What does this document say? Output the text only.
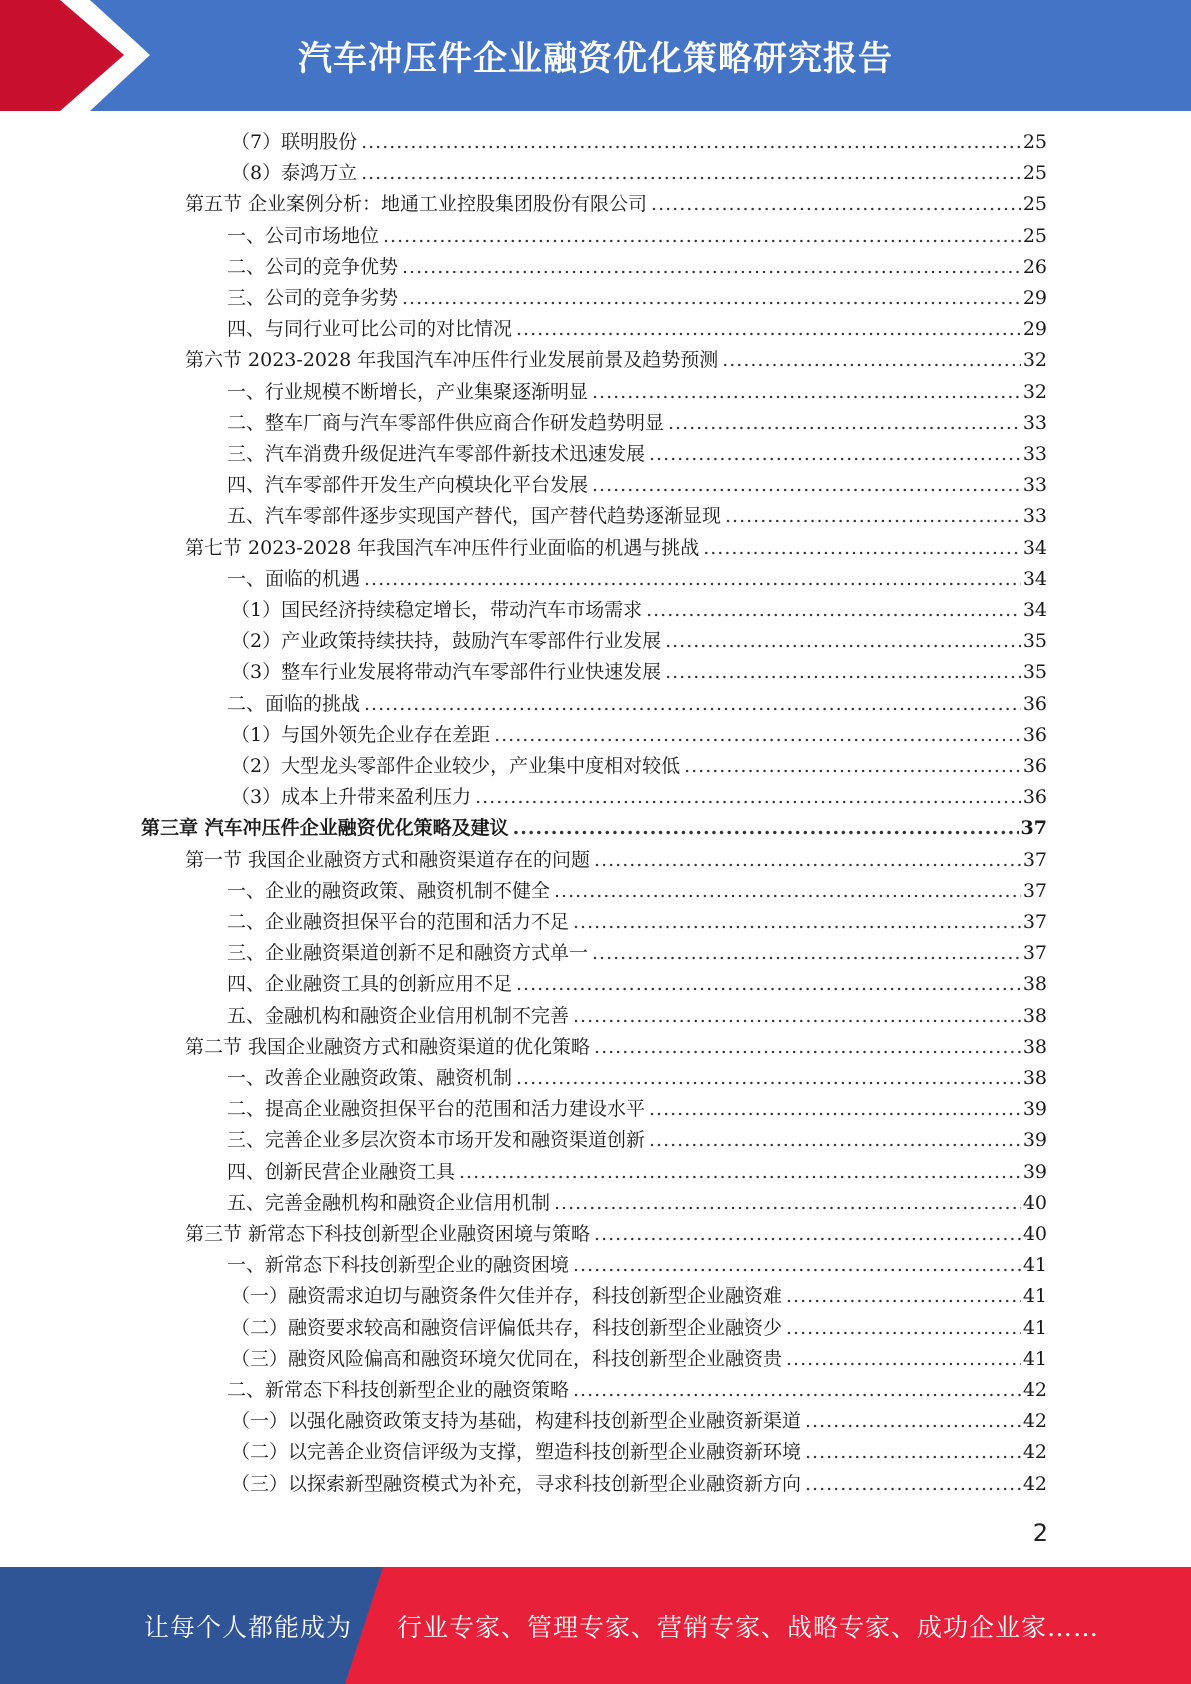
汽车冲压件企业融资优化策略研究报告
（7）联明股份 .....	25
（8）泰鸿万立 .....	25
第五节 企业案例分析：地通工业控股集团股份有限公司 .....	25
一、公司市场地位 .....	25
二、公司的竞争优势 .....	26
三、公司的竞争劣势 .....	29
四、与同行业可比公司的对比情况 .....	29
第六节 2023-2028 年我国汽车冲压件行业发展前景及趋势预测 .....	32
一、行业规模不断增长，产业集聚逐渐明显 .....	32
二、整车厂商与汽车零部件供应商合作研发趋势明显 .....	33
三、汽车消费升级促进汽车零部件新技术迅速发展 .....	33
四、汽车零部件开发生产向模块化平台发展 .....	33
五、汽车零部件逐步实现国产替代，国产替代趋势逐渐显现 .....	33
第七节 2023-2028 年我国汽车冲压件行业面临的机遇与挑战 .....	34
一、面临的机遇 .....	34
（1）国民经济持续稳定增长，带动汽车市场需求 .....	34
（2）产业政策持续扶持，鼓励汽车零部件行业发展 .....	35
（3）整车行业发展将带动汽车零部件行业快速发展 .....	35
二、面临的挑战 .....	36
（1）与国外领先企业存在差距 .....	36
（2）大型龙头零部件企业较少，产业集中度相对较低 .....	36
（3）成本上升带来盈利压力 .....	36
第三章 汽车冲压件企业融资优化策略及建议 .....	37
第一节 我国企业融资方式和融资渠道存在的问题 .....	37
一、企业的融资政策、融资机制不健全 .....	37
二、企业融资担保平台的范围和活力不足 .....	37
三、企业融资渠道创新不足和融资方式单一 .....	37
四、企业融资工具的创新应用不足 .....	38
五、金融机构和融资企业信用机制不完善 .....	38
第二节 我国企业融资方式和融资渠道的优化策略 .....	38
一、改善企业融资政策、融资机制 .....	38
二、提高企业融资担保平台的范围和活力建设水平 .....	39
三、完善企业多层次资本市场开发和融资渠道创新 .....	39
四、创新民营企业融资工具 .....	39
五、完善金融机构和融资企业信用机制 .....	40
第三节 新常态下科技创新型企业融资困境与策略 .....	40
一、新常态下科技创新型企业的融资困境 .....	41
（一）融资需求迫切与融资条件欠佳并存，科技创新型企业融资难 .....	41
（二）融资要求较高和融资信评偏低共存，科技创新型企业融资少 .....	41
（三）融资风险偏高和融资环境欠优同在，科技创新型企业融资贵 .....	41
二、新常态下科技创新型企业的融资策略 .....	42
（一）以强化融资政策支持为基础，构建科技创新型企业融资新渠道 .....	42
（二）以完善企业资信评级为支撑，塑造科技创新型企业融资新环境 .....	42
（三）以探索新型融资模式为补充，寻求科技创新型企业融资新方向 .....	42
2
让每个人都能成为 行业专家、管理专家、营销专家、战略专家、成功企业家……
